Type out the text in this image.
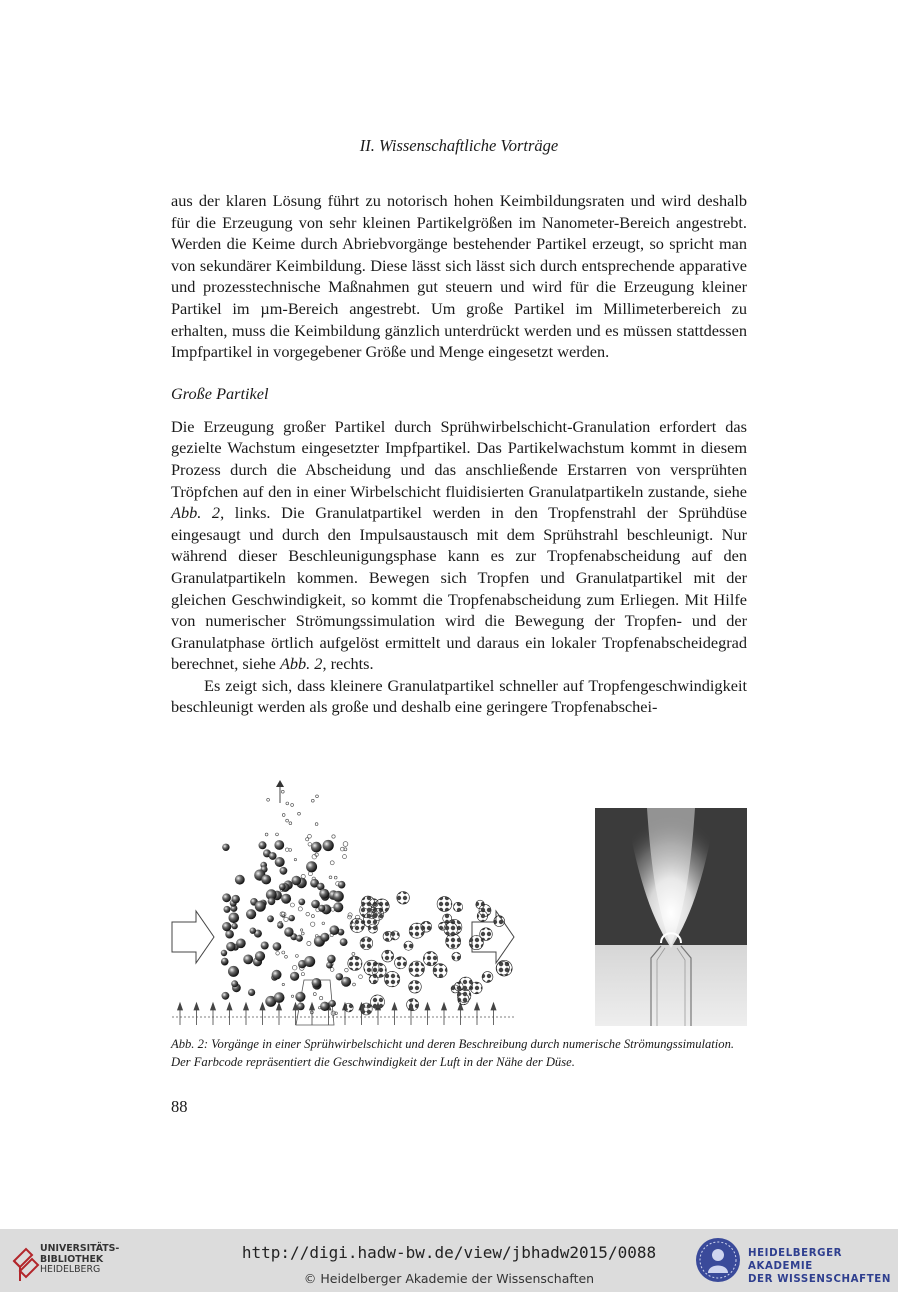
II. Wissenschaftliche Vorträge

aus der klaren Lösung führt zu notorisch hohen Keimbildungsraten und wird deshalb für die Erzeugung von sehr kleinen Partikelgrößen im Nanometer-Bereich angestrebt. Werden die Keime durch Abriebvorgänge bestehender Partikel erzeugt, so spricht man von sekundärer Keimbildung. Diese lässt sich lässt sich durch entsprechende apparative und prozesstechnische Maßnahmen gut steuern und wird für die Erzeugung kleiner Partikel im µm-Bereich angestrebt. Um große Partikel im Millimeterbereich zu erhalten, muss die Keimbildung gänzlich unterdrückt werden und es müssen stattdessen Impfpartikel in vorgegebener Größe und Menge eingesetzt werden.

Große Partikel

Die Erzeugung großer Partikel durch Sprühwirbelschicht-Granulation erfordert das gezielte Wachstum eingesetzter Impfpartikel. Das Partikelwachstum kommt in diesem Prozess durch die Abscheidung und das anschließende Erstarren von versprühten Tröpfchen auf den in einer Wirbelschicht fluidisierten Granulatpartikeln zustande, siehe Abb. 2, links. Die Granulatpartikel werden in den Tropfenstrahl der Sprühdüse eingesaugt und durch den Impulsaustausch mit dem Sprühstrahl beschleunigt. Nur während dieser Beschleunigungsphase kann es zur Tropfenabscheidung auf den Granulatpartikeln kommen. Bewegen sich Tropfen und Granulatpartikel mit der gleichen Geschwindigkeit, so kommt die Tropfenabscheidung zum Erliegen. Mit Hilfe von numerischer Strömungssimulation wird die Bewegung der Tropfen- und der Granulatphase örtlich aufgelöst ermittelt und daraus ein lokaler Tropfenabscheidegrad berechnet, siehe Abb. 2, rechts.

Es zeigt sich, dass kleinere Granulatpartikel schneller auf Tropfengeschwindigkeit beschleunigt werden als große und deshalb eine geringere Tropfenabschei-

Abb. 2: Vorgänge in einer Sprühwirbelschicht und deren Beschreibung durch numerische Strömungssimulation.
Der Farbcode repräsentiert die Geschwindigkeit der Luft in der Nähe der Düse.
88
UNIVERSITÄTS-
BIBLIOTHEK
HEIDELBERG
http://digi.hadw-bw.de/view/jbhadw2015/0088
© Heidelberger Akademie der Wissenschaften
HEIDELBERGER AKADEMIE
DER WISSENSCHAFTEN
